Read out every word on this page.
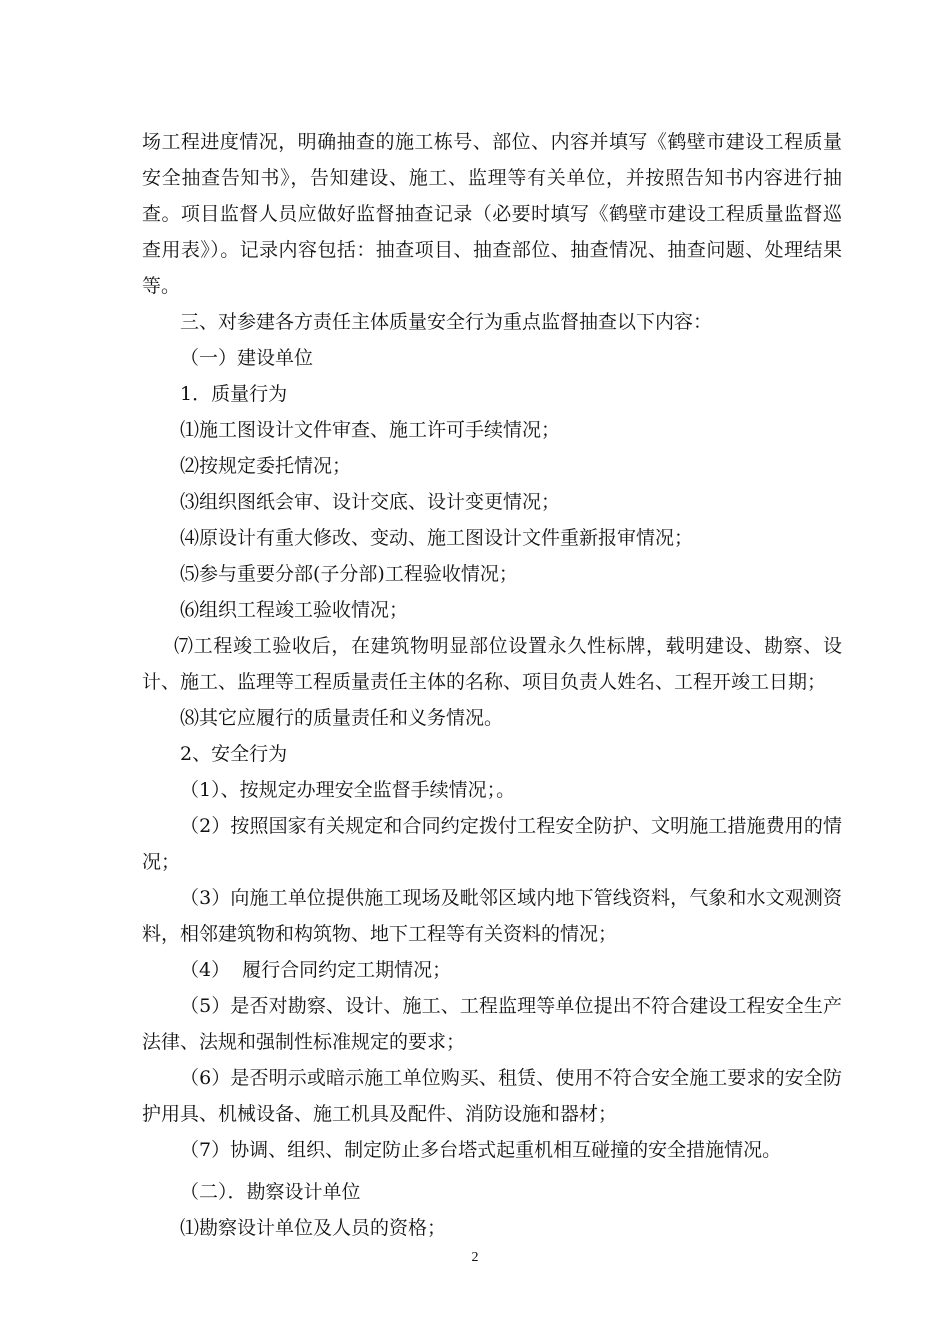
场工程进度情况，明确抽查的施工栋号、部位、内容并填写《鹤壁市建设工程质量安全抽查告知书》，告知建设、施工、监理等有关单位，并按照告知书内容进行抽查。项目监督人员应做好监督抽查记录（必要时填写《鹤壁市建设工程质量监督巡查用表》）。记录内容包括：抽查项目、抽查部位、抽查情况、抽查问题、处理结果等。

三、对参建各方责任主体质量安全行为重点监督抽查以下内容：

（一）建设单位

1．质量行为

⑴施工图设计文件审查、施工许可手续情况；

⑵按规定委托情况；

⑶组织图纸会审、设计交底、设计变更情况；

⑷原设计有重大修改、变动、施工图设计文件重新报审情况；

⑸参与重要分部(子分部)工程验收情况；

⑹组织工程竣工验收情况；

⑺工程竣工验收后，在建筑物明显部位设置永久性标牌，载明建设、勘察、设计、施工、监理等工程质量责任主体的名称、项目负责人姓名、工程开竣工日期；

⑻其它应履行的质量责任和义务情况。

2、安全行为

（1）、按规定办理安全监督手续情况；。

（2）按照国家有关规定和合同约定拨付工程安全防护、文明施工措施费用的情况；

（3）向施工单位提供施工现场及毗邻区域内地下管线资料，气象和水文观测资料，相邻建筑物和构筑物、地下工程等有关资料的情况；

（4）  履行合同约定工期情况；

（5）是否对勘察、设计、施工、工程监理等单位提出不符合建设工程安全生产法律、法规和强制性标准规定的要求；

（6）是否明示或暗示施工单位购买、租赁、使用不符合安全施工要求的安全防护用具、机械设备、施工机具及配件、消防设施和器材；

（7）协调、组织、制定防止多台塔式起重机相互碰撞的安全措施情况。

（二）．勘察设计单位

⑴勘察设计单位及人员的资格；

2
